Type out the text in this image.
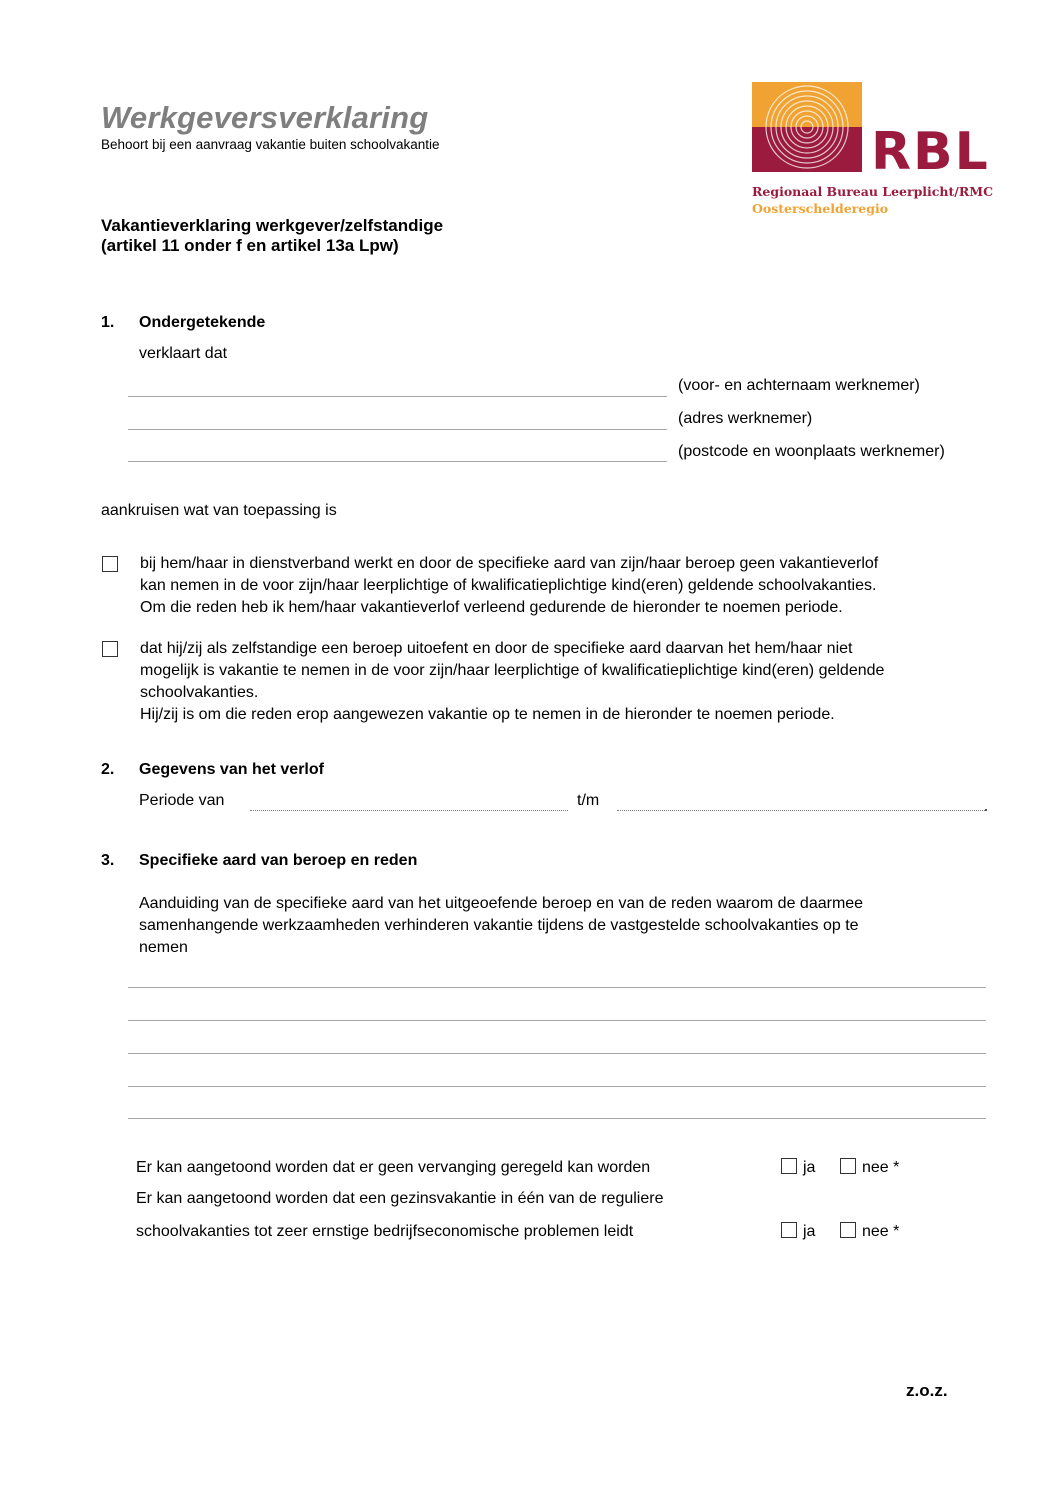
Werkgeversverklaring
Behoort bij een aanvraag vakantie buiten schoolvakantie	RBL
Regionaal Bureau Leerplicht/RMC
Oosterschelderegio
Vakantieverklaring werkgever/zelfstandige
(artikel 11 onder f en artikel 13a Lpw)
1. Ondergetekende
verklaart dat
(voor- en achternaam werknemer)
(adres werknemer)
(postcode en woonplaats werknemer)
aankruisen wat van toepassing is
bij hem/haar in dienstverband werkt en door de specifieke aard van zijn/haar beroep geen vakantieverlof
kan nemen in de voor zijn/haar leerplichtige of kwalificatieplichtige kind(eren) geldende schoolvakanties.
Om die reden heb ik hem/haar vakantieverlof verleend gedurende de hieronder te noemen periode.
dat hij/zij als zelfstandige een beroep uitoefent en door de specifieke aard daarvan het hem/haar niet
mogelijk is vakantie te nemen in de voor zijn/haar leerplichtige of kwalificatieplichtige kind(eren) geldende
schoolvakanties.
Hij/zij is om die reden erop aangewezen vakantie op te nemen in de hieronder te noemen periode.
2. Gegevens van het verlof
Periode van	t/m
3. Specifieke aard van beroep en reden
Aanduiding van de specifieke aard van het uitgeoefende beroep en van de reden waarom de daarmee
samenhangende werkzaamheden verhinderen vakantie tijdens de vastgestelde schoolvakanties op te
nemen
Er kan aangetoond worden dat er geen vervanging geregeld kan worden	ja	nee *
Er kan aangetoond worden dat een gezinsvakantie in één van de reguliere
schoolvakanties tot zeer ernstige bedrijfseconomische problemen leidt	ja	nee *
z.o.z.
